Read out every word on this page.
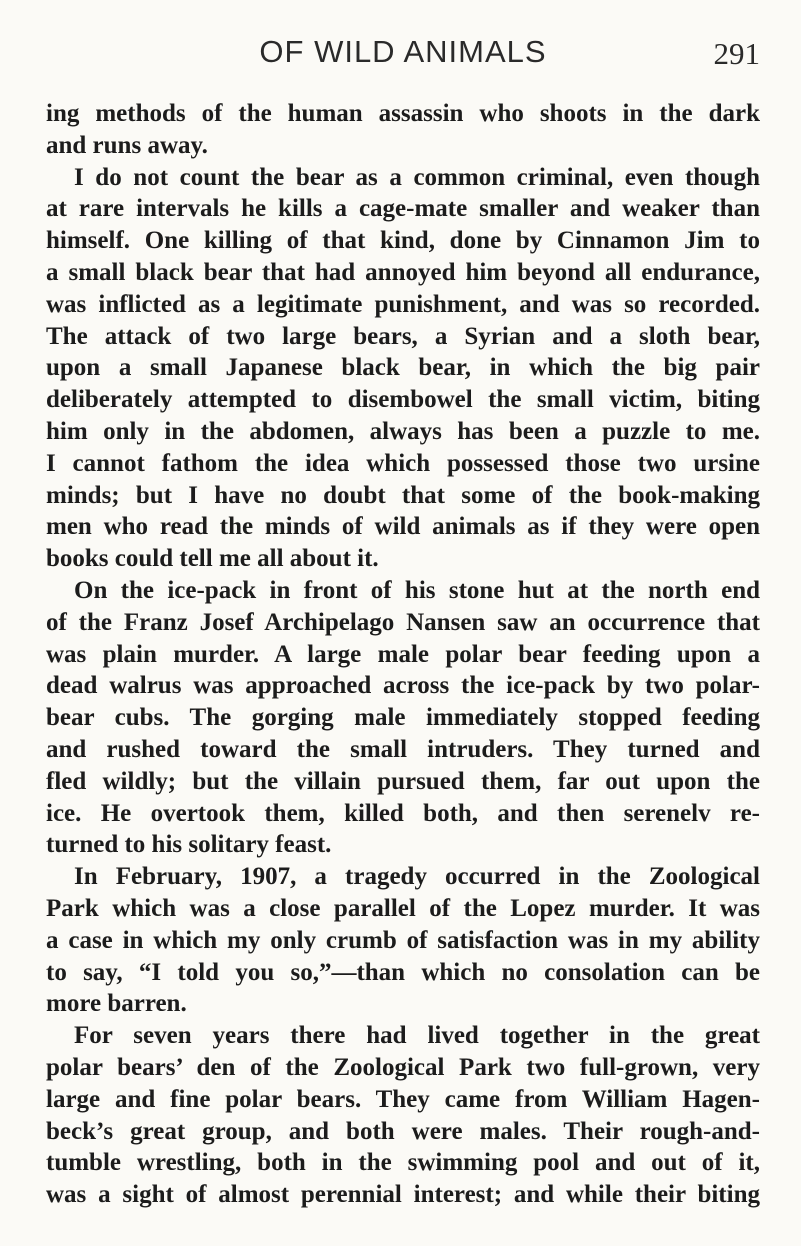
OF WILD ANIMALS	291
ing methods of the human assassin who shoots in the dark
and runs away.
I do not count the bear as a common criminal, even though
at rare intervals he kills a cage-mate smaller and weaker than
himself. One killing of that kind, done by Cinnamon Jim to
a small black bear that had annoyed him beyond all endurance,
was inflicted as a legitimate punishment, and was so recorded.
The attack of two large bears, a Syrian and a sloth bear,
upon a small Japanese black bear, in which the big pair
deliberately attempted to disembowel the small victim, biting
him only in the abdomen, always has been a puzzle to me.
I cannot fathom the idea which possessed those two ursine
minds; but I have no doubt that some of the book-making
men who read the minds of wild animals as if they were open
books could tell me all about it.
On the ice-pack in front of his stone hut at the north end
of the Franz Josef Archipelago Nansen saw an occurrence that
was plain murder. A large male polar bear feeding upon a
dead walrus was approached across the ice-pack by two polar-
bear cubs. The gorging male immediately stopped feeding
and rushed toward the small intruders. They turned and
fled wildly; but the villain pursued them, far out upon the
ice. He overtook them, killed both, and then serenelv re-
turned to his solitary feast.
In February, 1907, a tragedy occurred in the Zoological
Park which was a close parallel of the Lopez murder. It was
a case in which my only crumb of satisfaction was in my ability
to say, “I told you so,”—than which no consolation can be
more barren.
For seven years there had lived together in the great
polar bears’ den of the Zoological Park two full-grown, very
large and fine polar bears. They came from William Hagen-
beck’s great group, and both were males. Their rough-and-
tumble wrestling, both in the swimming pool and out of it,
was a sight of almost perennial interest; and while their biting
